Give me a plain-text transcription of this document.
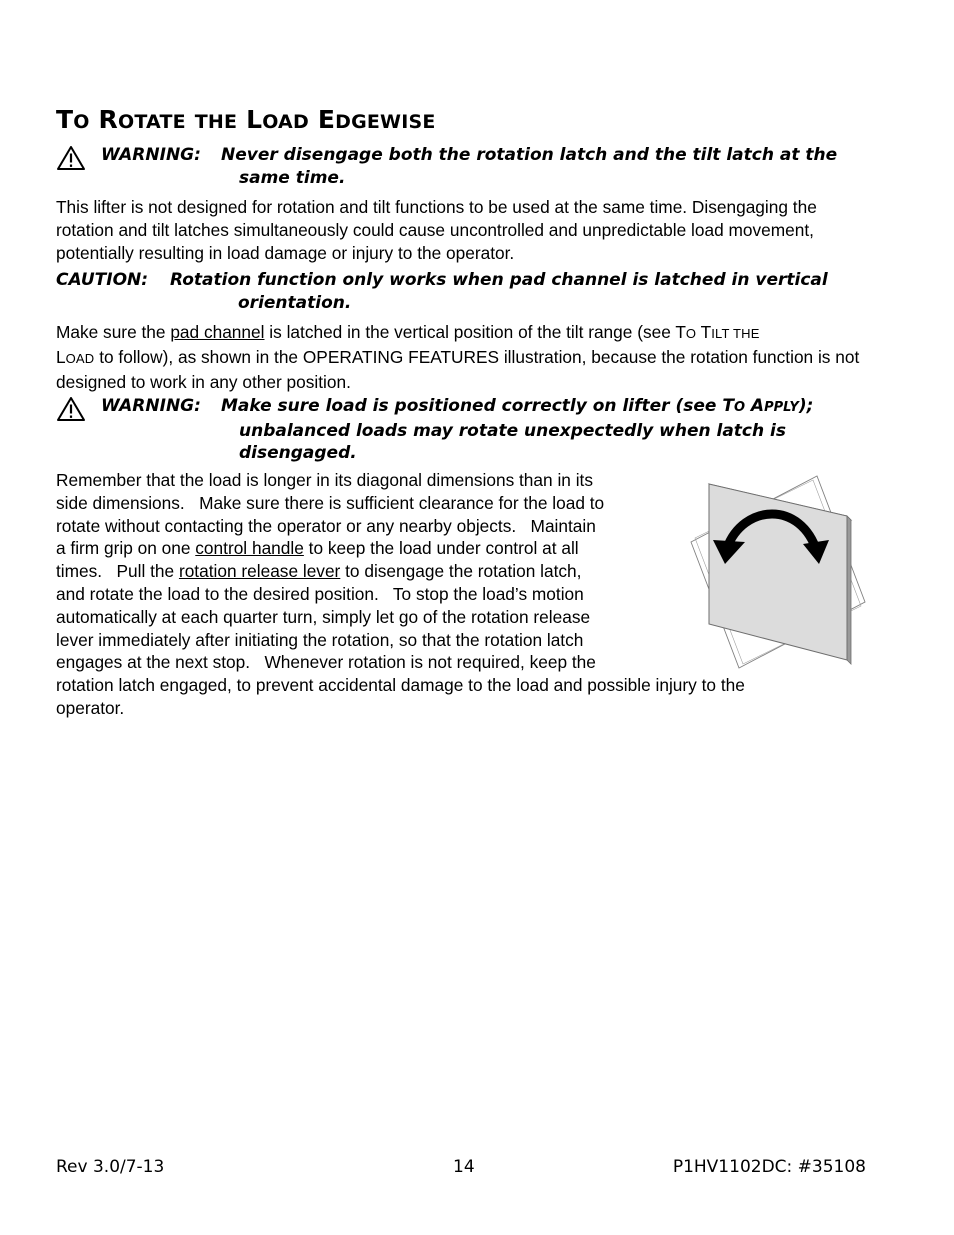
TO ROTATE THE LOAD EDGEWISE
WARNING: Never disengage both the rotation latch and the tilt latch at the same time.
This lifter is not designed for rotation and tilt functions to be used at the same time. Disengaging the rotation and tilt latches simultaneously could cause uncontrolled and unpredictable load movement, potentially resulting in load damage or injury to the operator.
CAUTION: Rotation function only works when pad channel is latched in vertical orientation.
Make sure the pad channel is latched in the vertical position of the tilt range (see TO TILT THE
LOAD to follow), as shown in the OPERATING FEATURES illustration, because the rotation function is not designed to work in any other position.
WARNING: Make sure load is positioned correctly on lifter (see TO APPLY); unbalanced loads may rotate unexpectedly when latch is disengaged.
Remember that the load is longer in its diagonal dimensions than in its
side dimensions.   Make sure there is sufficient clearance for the load to
rotate without contacting the operator or any nearby objects.   Maintain
a firm grip on one control handle to keep the load under control at all
times.   Pull the rotation release lever to disengage the rotation latch,
and rotate the load to the desired position.   To stop the load’s motion
automatically at each quarter turn, simply let go of the rotation release
lever immediately after initiating the rotation, so that the rotation latch
engages at the next stop.   Whenever rotation is not required, keep the
rotation latch engaged, to prevent accidental damage to the load and possible injury to the
operator.
Rev 3.0/7-13	14	P1HV1102DC: #35108
